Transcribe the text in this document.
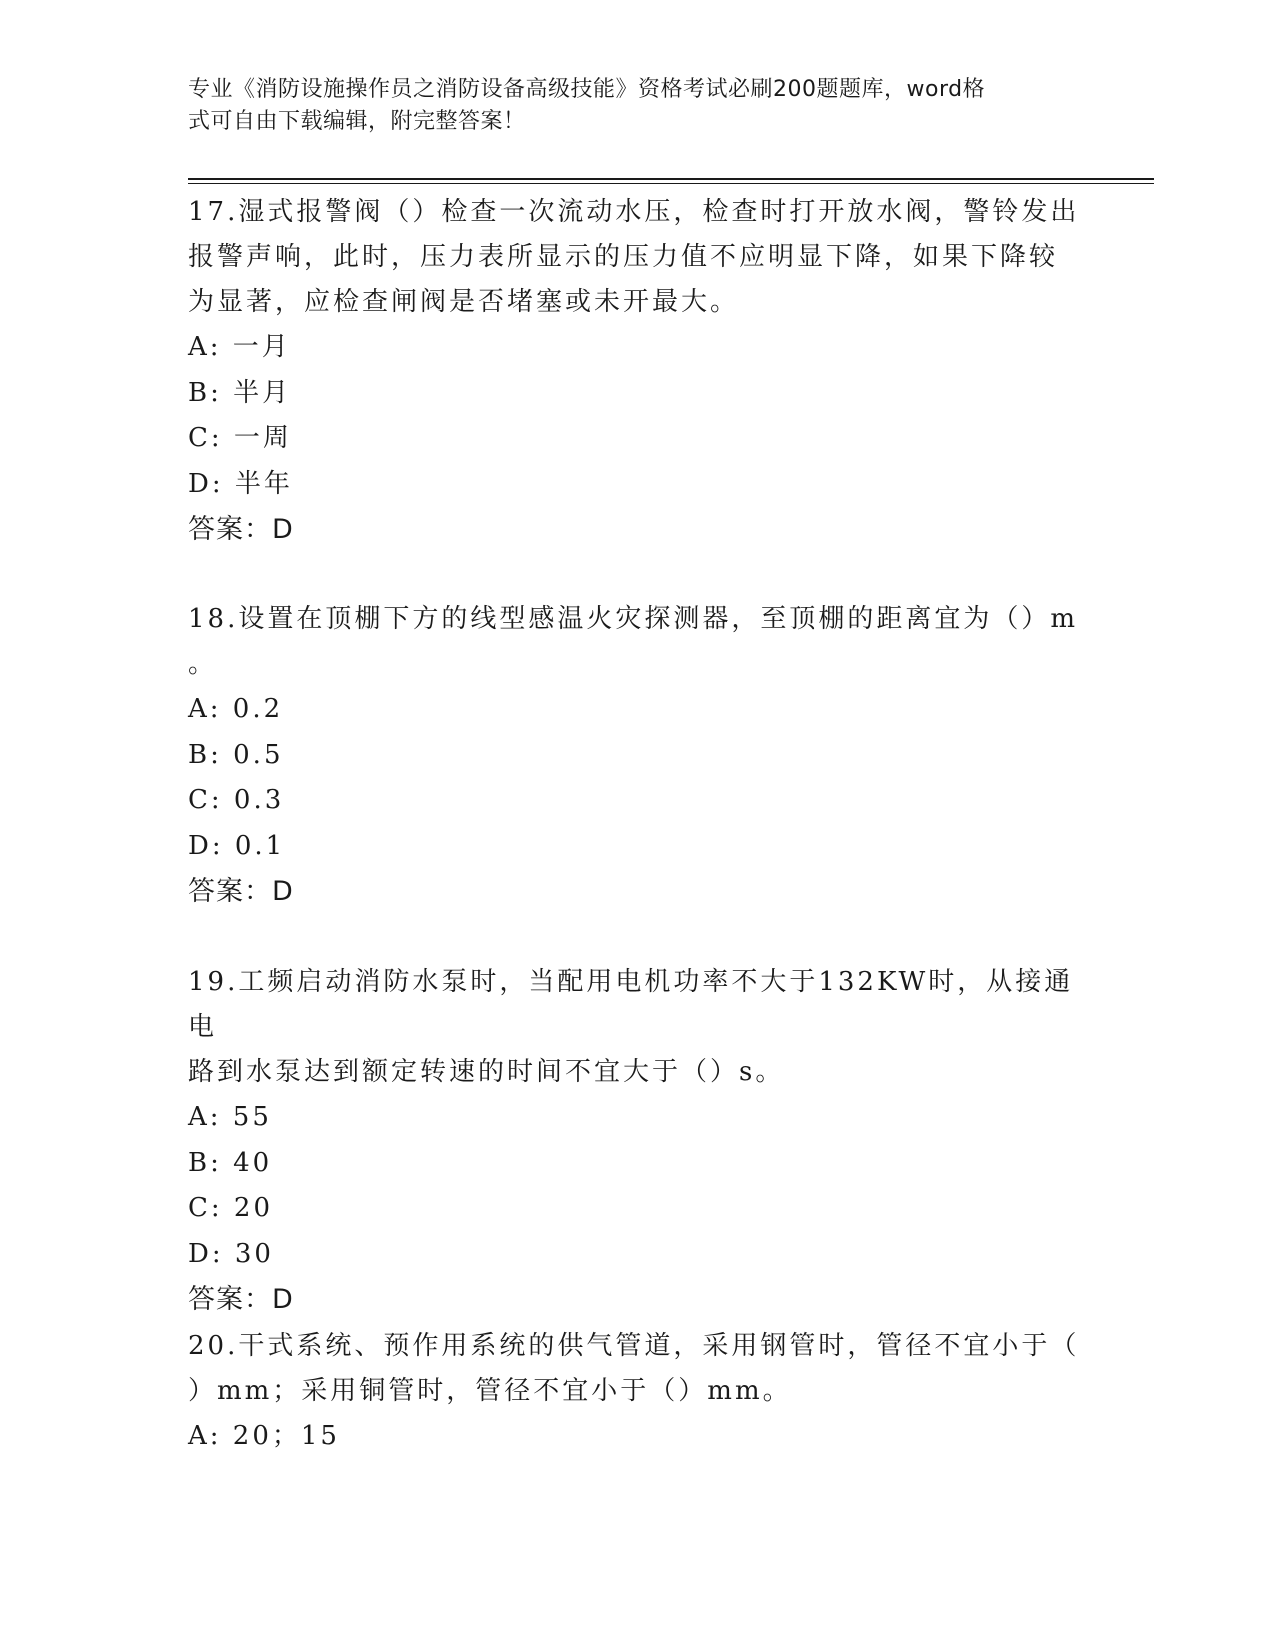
专业《消防设施操作员之消防设备高级技能》资格考试必刷200题题库，word格
式可自由下载编辑，附完整答案！

17.湿式报警阀（）检查一次流动水压，检查时打开放水阀，警铃发出

报警声响，此时，压力表所显示的压力值不应明显下降，如果下降较

为显著，应检查闸阀是否堵塞或未开最大。

A: 一月

B: 半月

C: 一周

D: 半年

答案：D

18.设置在顶棚下方的线型感温火灾探测器，至顶棚的距离宜为（）m

。

A: 0.2

B: 0.5

C: 0.3

D: 0.1

答案：D

19.工频启动消防水泵时，当配用电机功率不大于132KW时，从接通电

路到水泵达到额定转速的时间不宜大于（）s。

A: 55

B: 40

C: 20

D: 30

答案：D

20.干式系统、预作用系统的供气管道，采用钢管时，管径不宜小于（

）mm；采用铜管时，管径不宜小于（）mm。

A: 20；15
